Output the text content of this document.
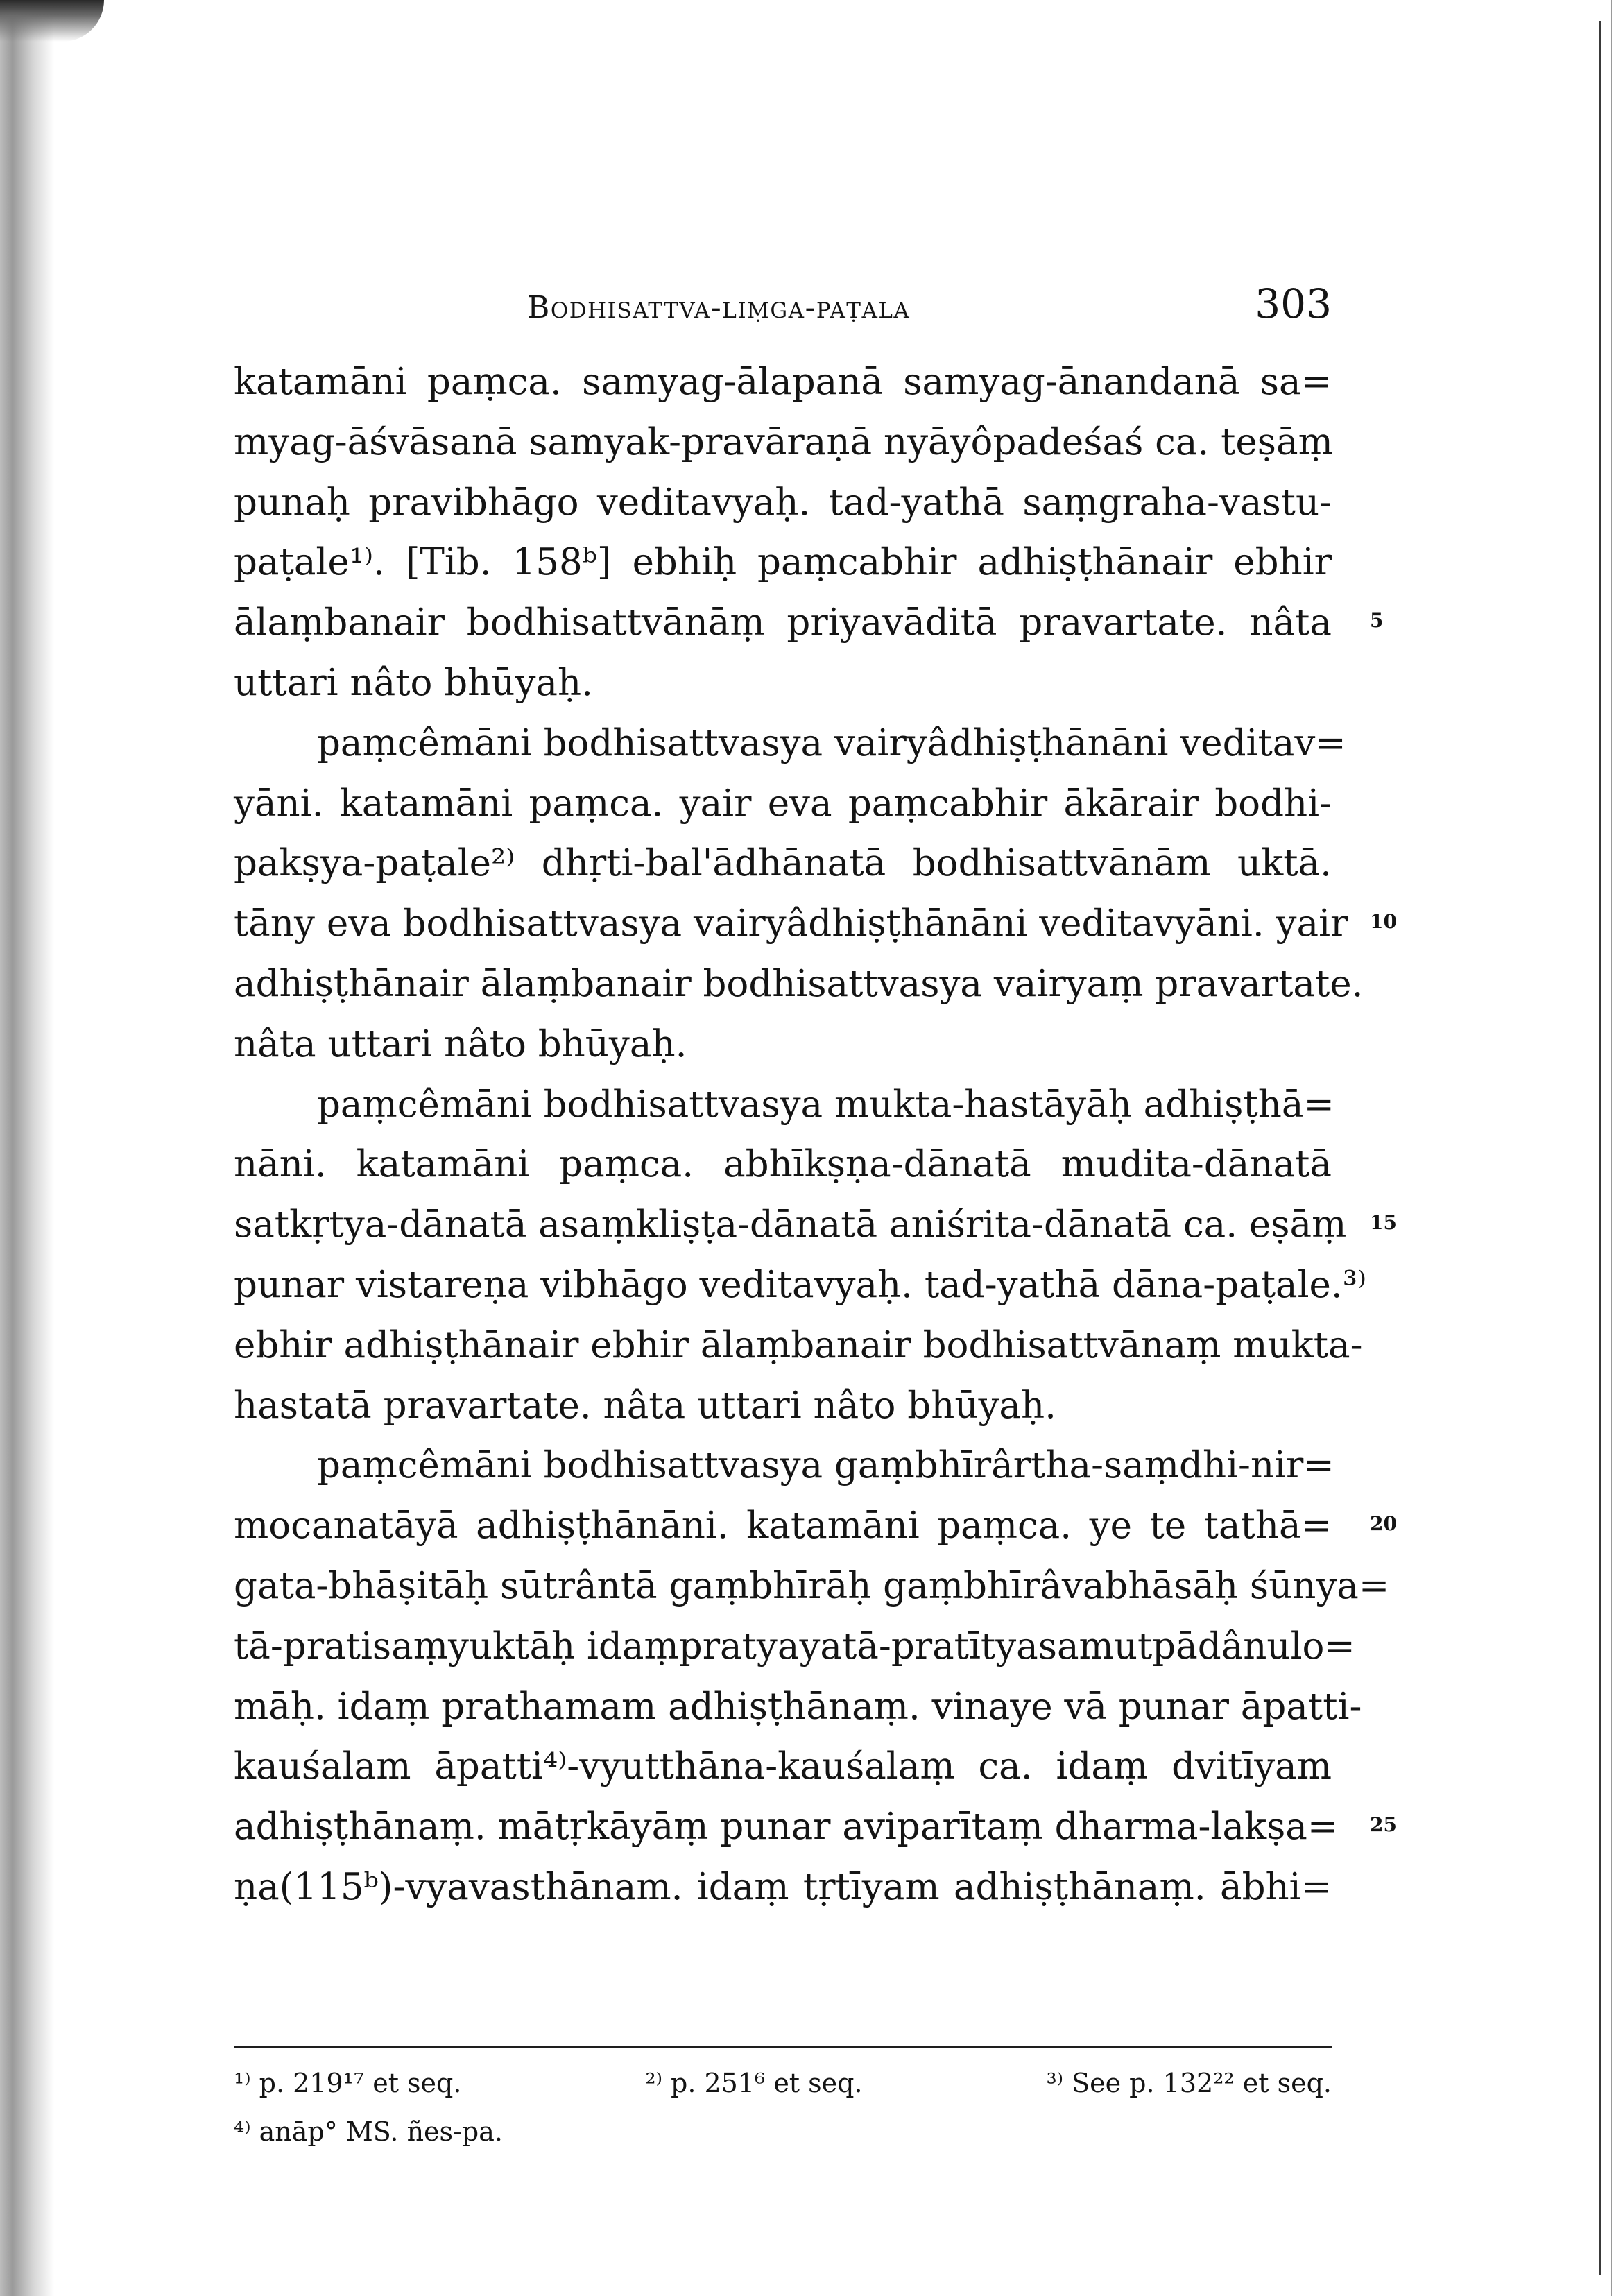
Bodhisattva-liṃga-paṭala	303
katamāni paṃca. samyag-ālapanā samyag-ānandanā sa=
myag-āśvāsanā samyak-pravāraṇā nyāyôpadeśaś ca. teṣāṃ
punaḥ pravibhāgo veditavyaḥ. tad-yathā saṃgraha-vastu-
paṭale¹⁾. [Tib. 158ᵇ] ebhiḥ paṃcabhir adhiṣṭhānair ebhir
ālaṃbanair bodhisattvānāṃ priyavāditā pravartate. nâta
uttari nâto bhūyaḥ.
paṃcêmāni bodhisattvasya vairyâdhiṣṭhānāni veditav=
yāni. katamāni paṃca. yair eva paṃcabhir ākārair bodhi-
pakṣya-paṭale²⁾ dhṛti-bal'ādhānatā bodhisattvānām uktā.
tāny eva bodhisattvasya vairyâdhiṣṭhānāni veditavyāni. yair
adhiṣṭhānair ālaṃbanair bodhisattvasya vairyaṃ pravartate.
nâta uttari nâto bhūyaḥ.
paṃcêmāni bodhisattvasya mukta-hastāyāḥ adhiṣṭhā=
nāni. katamāni paṃca. abhīkṣṇa-dānatā mudita-dānatā
satkṛtya-dānatā asaṃkliṣṭa-dānatā aniśrita-dānatā ca. eṣāṃ
punar vistareṇa vibhāgo veditavyaḥ. tad-yathā dāna-paṭale.³⁾
ebhir adhiṣṭhānair ebhir ālaṃbanair bodhisattvānaṃ mukta-
hastatā pravartate. nâta uttari nâto bhūyaḥ.
paṃcêmāni bodhisattvasya gaṃbhīrârtha-saṃdhi-nir=
mocanatāyā adhiṣṭhānāni. katamāni paṃca. ye te tathā=
gata-bhāṣitāḥ sūtrântā gaṃbhīrāḥ gaṃbhīrâvabhāsāḥ śūnya=
tā-pratisaṃyuktāḥ idaṃpratyayatā-pratītyasamutpādânulo=
māḥ. idaṃ prathamam adhiṣṭhānaṃ. vinaye vā punar āpatti-
kauśalam āpatti⁴⁾-vyutthāna-kauśalaṃ ca. idaṃ dvitīyam
adhiṣṭhānaṃ. mātṛkāyāṃ punar aviparītaṃ dharma-lakṣa=
ṇa(115ᵇ)-vyavasthānam. idaṃ tṛtīyam adhiṣṭhānaṃ. ābhi=
5
10
15
20
25
¹⁾ p. 219¹⁷ et seq.	²⁾ p. 251⁶ et seq.	³⁾ See p. 132²² et seq.
⁴⁾ anāp° MS. ñes-pa.
